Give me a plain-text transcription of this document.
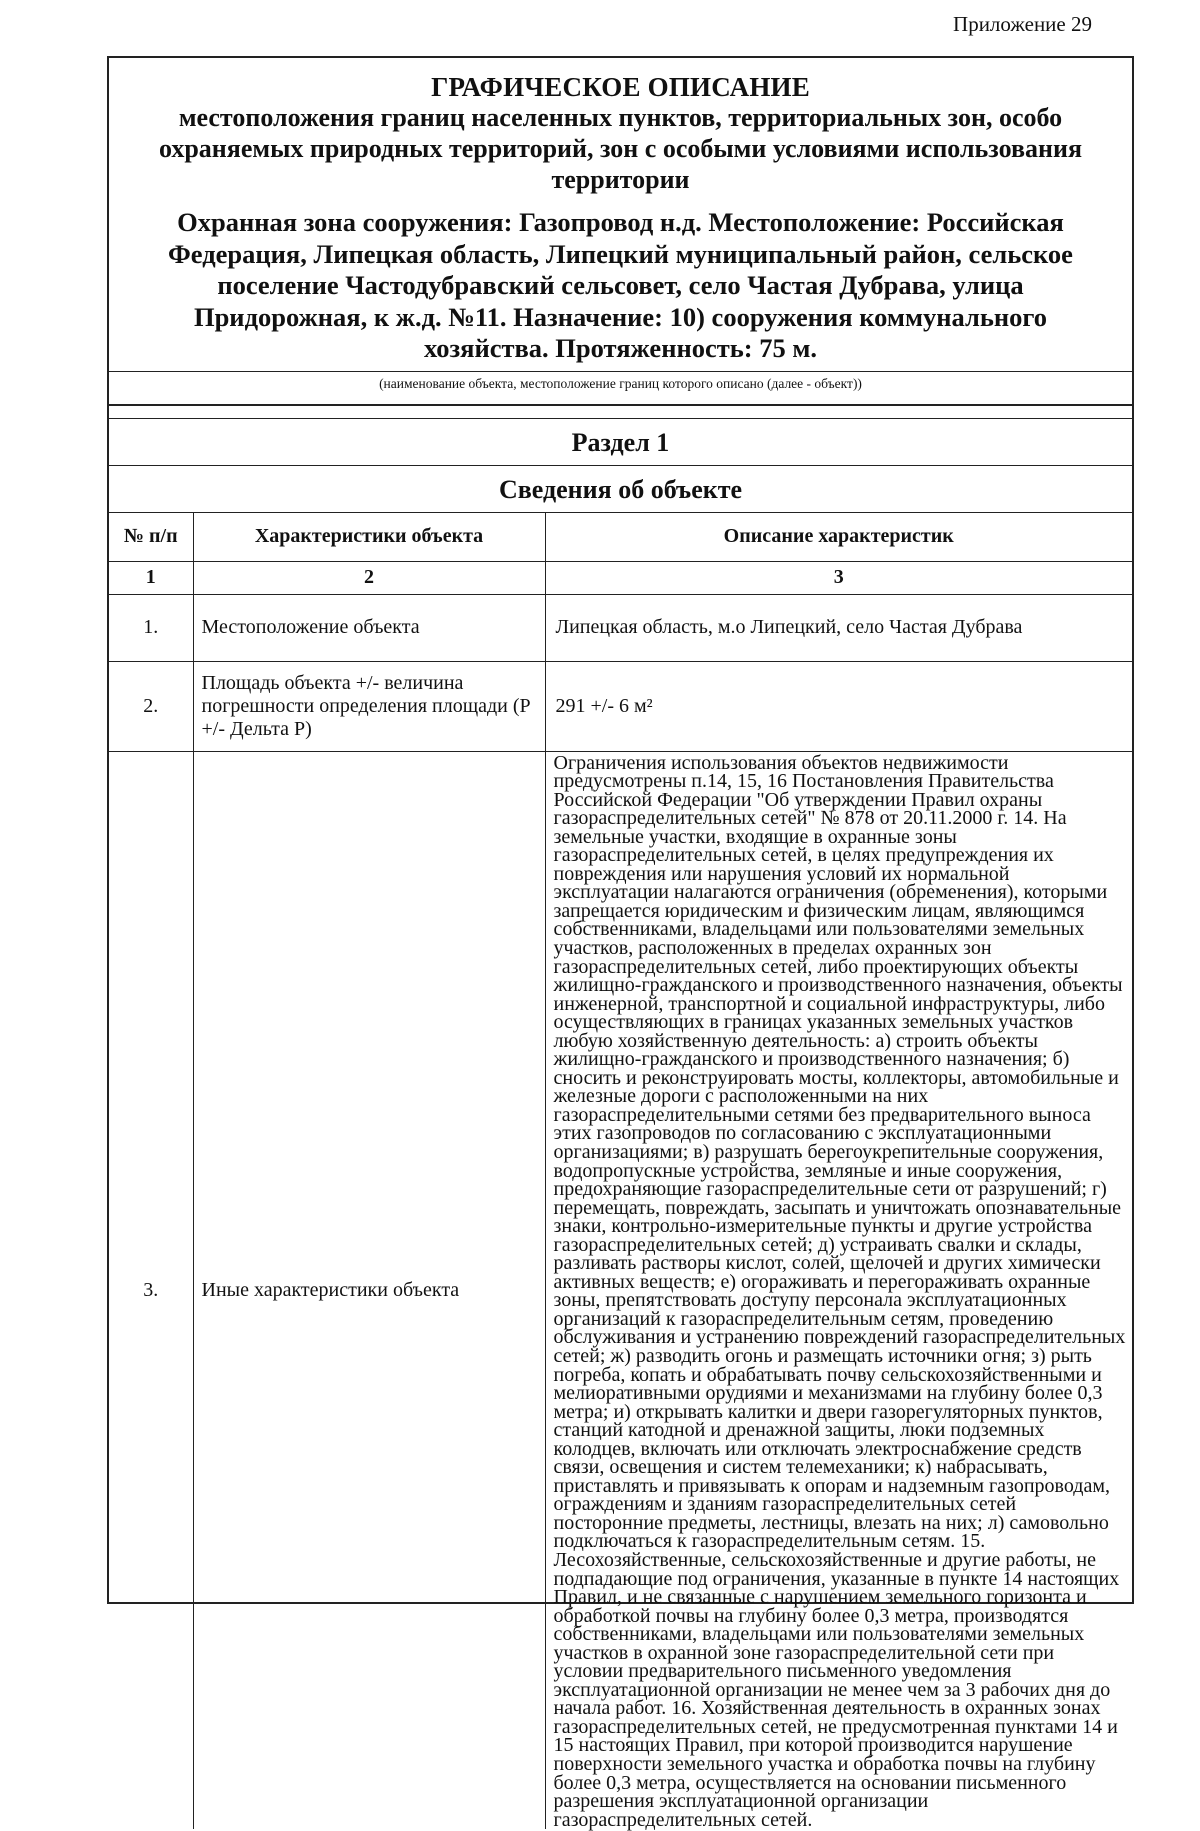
Приложение 29
ГРАФИЧЕСКОЕ ОПИСАНИЕ
местоположения границ населенных пунктов, территориальных зон, особо охраняемых природных территорий, зон с особыми условиями использования территории
Охранная зона сооружения: Газопровод н.д. Местоположение: Российская Федерация, Липецкая область, Липецкий муниципальный район, сельское поселение Частодубравский сельсовет, село Частая Дубрава, улица Придорожная, к ж.д. №11. Назначение: 10) сооружения коммунального хозяйства. Протяженность: 75 м.
(наименование объекта, местоположение границ которого описано (далее - объект))
Раздел 1
Сведения об объекте
№ п/п	Характеристики объекта	Описание характеристик
1	2	3
1.	Местоположение объекта	Липецкая область, м.о Липецкий, село Частая Дубрава
2.	Площадь объекта +/- величина погрешности определения площади (Р +/- Дельта Р)	291 +/- 6 м²
3.	Иные характеристики объекта	Ограничения использования объектов недвижимости предусмотрены п.14, 15, 16 Постановления Правительства Российской Федерации "Об утверждении Правил охраны газораспределительных сетей" № 878 от 20.11.2000 г. 14. На земельные участки, входящие в охранные зоны газораспределительных сетей, в целях предупреждения их повреждения или нарушения условий их нормальной эксплуатации налагаются ограничения (обременения), которыми запрещается юридическим и физическим лицам, являющимся собственниками, владельцами или пользователями земельных участков, расположенных в пределах охранных зон газораспределительных сетей, либо проектирующих объекты жилищно-гражданского и производственного назначения, объекты инженерной, транспортной и социальной инфраструктуры, либо осуществляющих в границах указанных земельных участков любую хозяйственную деятельность: а) строить объекты жилищно-гражданского и производственного назначения; б) сносить и реконструировать мосты, коллекторы, автомобильные и железные дороги с расположенными на них газораспределительными сетями без предварительного выноса этих газопроводов по согласованию с эксплуатационными организациями; в) разрушать берегоукрепительные сооружения, водопропускные устройства, земляные и иные сооружения, предохраняющие газораспределительные сети от разрушений; г) перемещать, повреждать, засыпать и уничтожать опознавательные знаки, контрольно-измерительные пункты и другие устройства газораспределительных сетей; д) устраивать свалки и склады, разливать растворы кислот, солей, щелочей и других химически активных веществ; е) огораживать и перегораживать охранные зоны, препятствовать доступу персонала эксплуатационных организаций к газораспределительным сетям, проведению обслуживания и устранению повреждений газораспределительных сетей; ж) разводить огонь и размещать источники огня; з) рыть погреба, копать и обрабатывать почву сельскохозяйственными и мелиоративными орудиями и механизмами на глубину более 0,3 метра; и) открывать калитки и двери газорегуляторных пунктов, станций катодной и дренажной защиты, люки подземных колодцев, включать или отключать электроснабжение средств связи, освещения и систем телемеханики; к) набрасывать, приставлять и привязывать к опорам и надземным газопроводам, ограждениям и зданиям газораспределительных сетей посторонние предметы, лестницы, влезать на них; л) самовольно подключаться к газораспределительным сетям. 15. Лесохозяйственные, сельскохозяйственные и другие работы, не подпадающие под ограничения, указанные в пункте 14 настоящих Правил, и не связанные с нарушением земельного горизонта и обработкой почвы на глубину более 0,3 метра, производятся собственниками, владельцами или пользователями земельных участков в охранной зоне газораспределительной сети при условии предварительного письменного уведомления эксплуатационной организации не менее чем за 3 рабочих дня до начала работ. 16. Хозяйственная деятельность в охранных зонах газораспределительных сетей, не предусмотренная пунктами 14 и 15 настоящих Правил, при которой производится нарушение поверхности земельного участка и обработка почвы на глубину более 0,3 метра, осуществляется на основании письменного разрешения эксплуатационной организации газораспределительных сетей.
